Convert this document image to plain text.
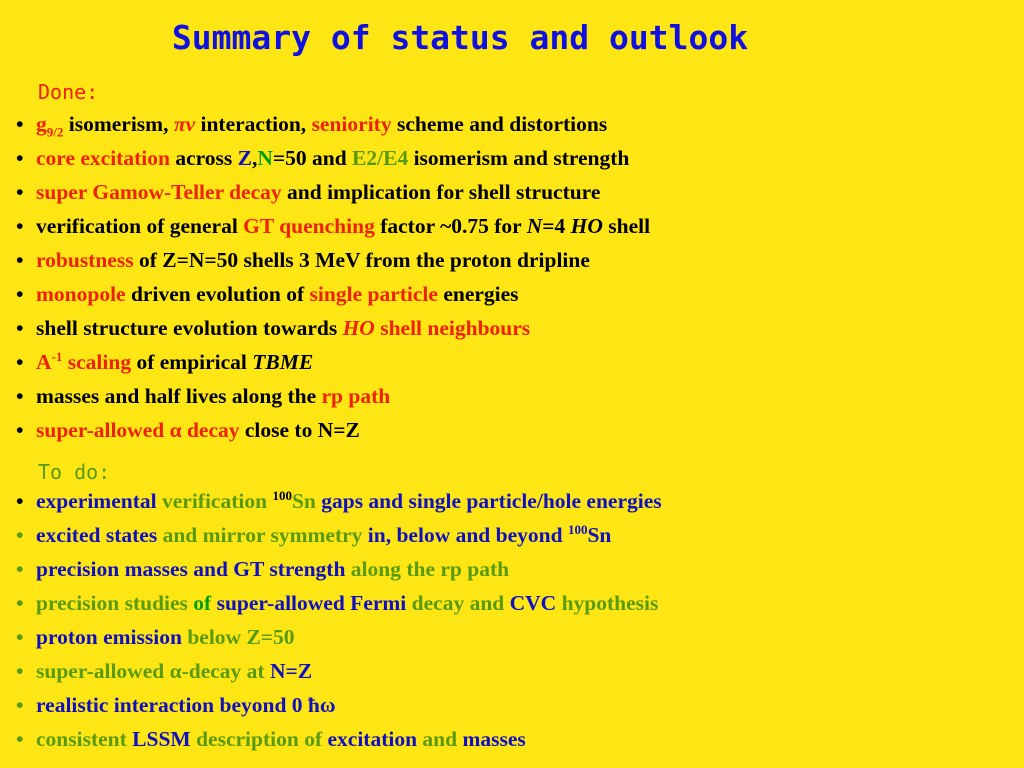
Summary of status and outlook
Done:
• $g_{9/2}$ isomerism, πν interaction, seniority scheme and distortions
• core excitation across Z,N=50 and E2/E4 isomerism and strength
• super Gamow-Teller decay and implication for shell structure
• verification of general GT quenching factor ~0.75 for N=4 HO shell
• robustness of Z=N=50 shells 3 MeV from the proton dripline
• monopole driven evolution of single particle energies
• shell structure evolution towards HO shell neighbours
• $A^{-1}$ scaling of empirical TBME
• masses and half lives along the rp path
• super-allowed α decay close to N=Z
To do:
• experimental verification $^{100}$Sn gaps and single particle/hole energies
• excited states and mirror symmetry in, below and beyond $^{100}$Sn
• precision masses and GT strength along the rp path
• precision studies of super-allowed Fermi decay and CVC hypothesis
• proton emission below Z=50
• super-allowed α-decay at N=Z
• realistic interaction beyond 0 ħω
• consistent LSSM description of excitation and masses
